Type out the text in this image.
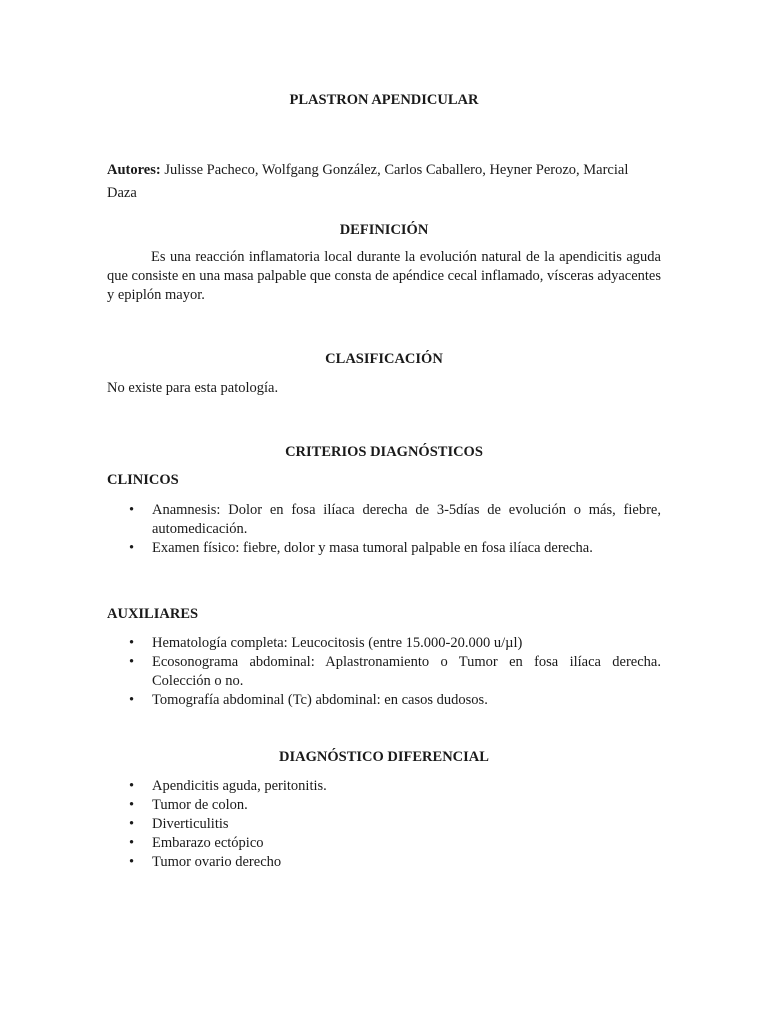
PLASTRON APENDICULAR
Autores: Julisse Pacheco, Wolfgang González, Carlos Caballero, Heyner Perozo, Marcial
Daza
DEFINICIÓN
Es una reacción inflamatoria local durante la evolución natural de la apendicitis aguda que consiste en una masa palpable que consta de apéndice cecal inflamado, vísceras adyacentes y epiplón mayor.
CLASIFICACIÓN
No existe para esta patología.
CRITERIOS DIAGNÓSTICOS
CLINICOS
• Anamnesis: Dolor en fosa ilíaca derecha de 3-5días de evolución o más, fiebre, automedicación.
• Examen físico: fiebre, dolor y masa tumoral palpable en fosa ilíaca derecha.
AUXILIARES
• Hematología completa: Leucocitosis (entre 15.000-20.000 u/µl)
• Ecosonograma abdominal: Aplastronamiento o Tumor en fosa ilíaca derecha. Colección o no.
• Tomografía abdominal (Tc) abdominal: en casos dudosos.
DIAGNÓSTICO DIFERENCIAL
• Apendicitis aguda, peritonitis.
• Tumor de colon.
• Diverticulitis
• Embarazo ectópico
• Tumor ovario derecho
